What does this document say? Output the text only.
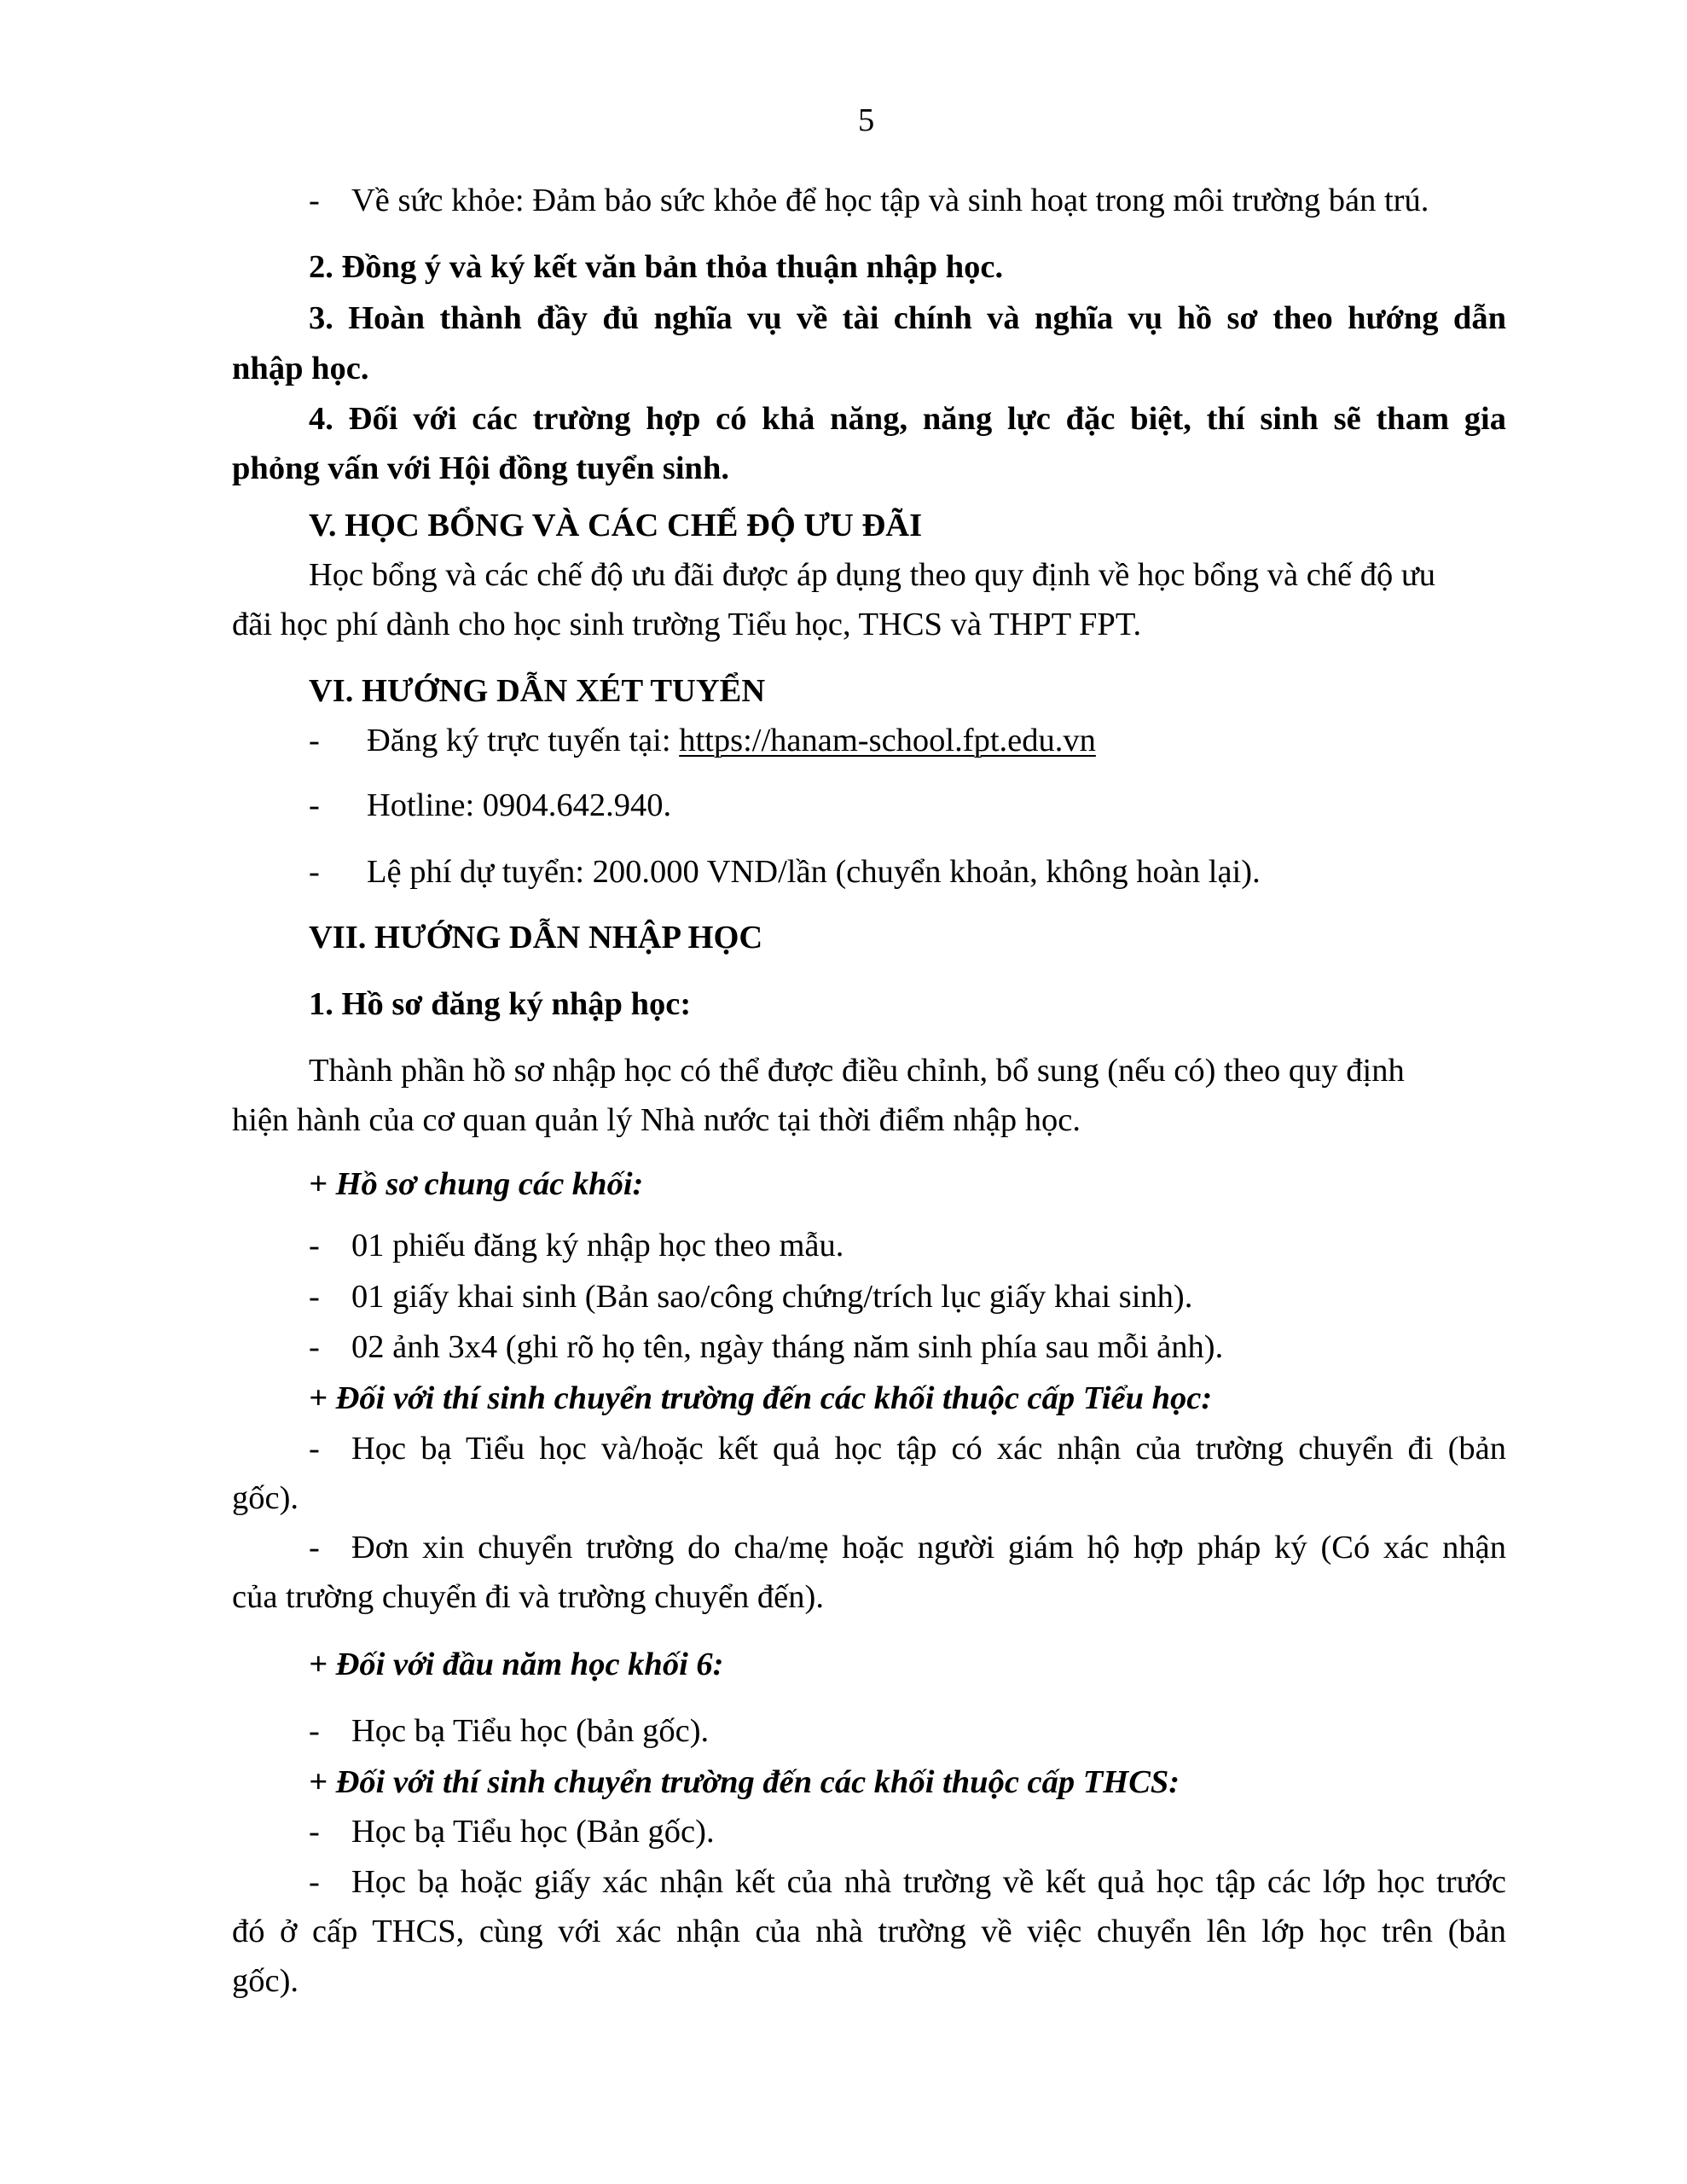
5
- Về sức khỏe: Đảm bảo sức khỏe để học tập và sinh hoạt trong môi trường bán trú.
2. Đồng ý và ký kết văn bản thỏa thuận nhập học.
3. Hoàn thành đầy đủ nghĩa vụ về tài chính và nghĩa vụ hồ sơ theo hướng dẫn
nhập học.
4. Đối với các trường hợp có khả năng, năng lực đặc biệt, thí sinh sẽ tham gia
phỏng vấn với Hội đồng tuyển sinh.
V. HỌC BỔNG VÀ CÁC CHẾ ĐỘ ƯU ĐÃI
Học bổng và các chế độ ưu đãi được áp dụng theo quy định về học bổng và chế độ ưu
đãi học phí dành cho học sinh trường Tiểu học, THCS và THPT FPT.
VI. HƯỚNG DẪN XÉT TUYỂN
- Đăng ký trực tuyến tại: https://hanam-school.fpt.edu.vn
- Hotline: 0904.642.940.
- Lệ phí dự tuyển: 200.000 VND/lần (chuyển khoản, không hoàn lại).
VII. HƯỚNG DẪN NHẬP HỌC
1. Hồ sơ đăng ký nhập học:
Thành phần hồ sơ nhập học có thể được điều chỉnh, bổ sung (nếu có) theo quy định
hiện hành của cơ quan quản lý Nhà nước tại thời điểm nhập học.
+ Hồ sơ chung các khối:
- 01 phiếu đăng ký nhập học theo mẫu.
- 01 giấy khai sinh (Bản sao/công chứng/trích lục giấy khai sinh).
- 02 ảnh 3x4 (ghi rõ họ tên, ngày tháng năm sinh phía sau mỗi ảnh).
+ Đối với thí sinh chuyển trường đến các khối thuộc cấp Tiểu học:
- Học bạ Tiểu học và/hoặc kết quả học tập có xác nhận của trường chuyển đi (bản
gốc).
- Đơn xin chuyển trường do cha/mẹ hoặc người giám hộ hợp pháp ký (Có xác nhận
của trường chuyển đi và trường chuyển đến).
+ Đối với đầu năm học khối 6:
- Học bạ Tiểu học (bản gốc).
+ Đối với thí sinh chuyển trường đến các khối thuộc cấp THCS:
- Học bạ Tiểu học (Bản gốc).
- Học bạ hoặc giấy xác nhận kết của nhà trường về kết quả học tập các lớp học trước
đó ở cấp THCS, cùng với xác nhận của nhà trường về việc chuyển lên lớp học trên (bản
gốc).
